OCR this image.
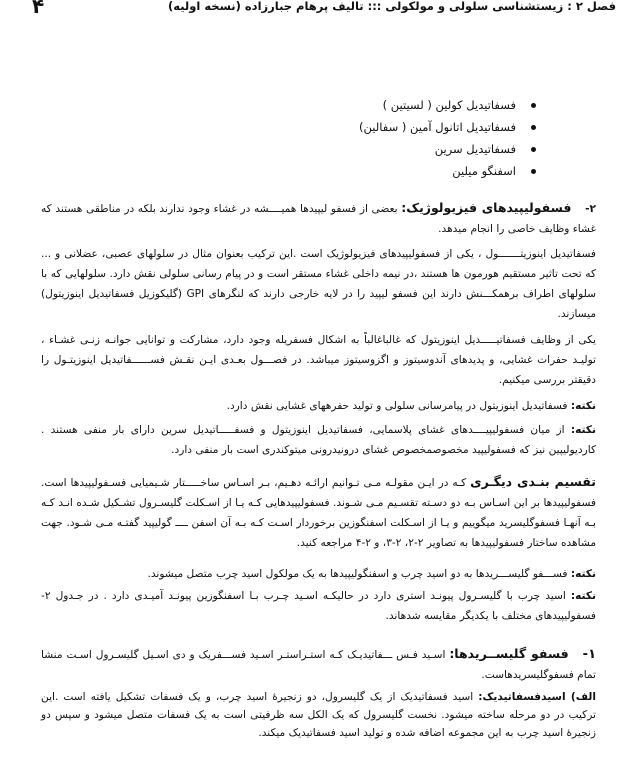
فصل ۲ : زیستشناسی سلولی و مولکولی ::: تالیف پرهام جبارزاده (نسخه اولیه)
۴
فسفاتیدیل کولین ( لسیتین )
فسفاتیدیل اتانول آمین ( سفالین)
فسفاتیدیل سرین
اسفنگو میلین
۲- فسفولیپیدهای فیزیولوژیک: بعضی از فسفو لیپیدها همیــــشه در غشاء وجود ندارند بلکه در مناطقی هستند که غشاء وظایف خاصی را انجام میدهد.
فسفاتیدیل اینوزیتـــــــول ، یکی از فسفولیپیدهای فیزیولوژیک است .این ترکیب بعنوان مثال در سلولهای عصبی، عضلانی و ... که تحت تاثیر مستقیم هورمون ها هستند ،در نیمه داخلی غشاء مستقر است و در پیام رسانی سلولی نقش دارد. سلولهایی که با سلولهای اطراف برهمکـــنش دارند این فسفو لیپید را در لایه خارجی دارند که لنگرهای GPI (گلیکوزیل فسفاتیدیل اینوزیتول) میسازند.
یکی از وظایف فسفاتیـــــدیل اینوزیتول که غالباغالباً به اشکال فسفریله وجود دارد، مشارکت و توانایی جوانـه زنـی غشـاء ، تولیـد حفرات غشایی، و پدیدهای آندوسیتوز و اگزوسیتوز میباشد. در فصـــول بعـدی ایـن نقـش فســــــفاتیدیل اینوزیتـول را دقیقتر بررسی میکنیم.
نکته: فسفاتیدیل اینوزیتول در پیامرسانی سلولی و تولید حفرههای غشایی نقش دارد.
نکته: از میان فسفولیپیــــدهای غشای پلاسمایی، فسفاتیدیل اینوزیتول و فسفـــــاتیدیل سرین دارای بار منفی هستند . کاردیولیپین نیز که فسفولیپید مخصوصمخصوص غشای درونیدرونی میتوکندری است بار منفی دارد.
تقسیم بنـدی دیگـری کـه در ایـن مقولـه مـی تـوانیم ارائـه دهـیم، بـر اسـاس ساخـــــتار شـیمیایی فسـفولیپیدها است. فسفولیپیدها بر این اسـاس بـه دو دسـته تقسـیم مـی شـوند. فسفولیپیدهایی کـه یـا از اسـکلت گلیسـرول تشـکیل شـده انـد کـه بـه آنهـا فسفوگلیسرید میگوییم و یـا از اسـکلت اسفنگوزین برخوردار اسـت کـه بـه آن اسفن ــــ گولیپید گفتـه مـی شـود. جهت مشاهده ساختار فسفولیپیدها به تصاویر ۲-۲، ۲-۳، و ۲-۴ مراجعه کنید.
نکته: فســـفو گلیســـریدها به دو اسید چرب و اسفنگولیپیدها به یک مولکول اسید چرب متصل میشوند.
نکته: اسید چرب با گلیسـرول پیونـد استری دارد در حالیکـه اسـید چـرب بـا اسفنگوزین پیونـد آمیـدی دارد . در جـدول ۲- فسفولیپیدهای مختلف با یکدیگر مقایسه شدهاند.
۱- فسفو گلیســریدها: اسـید فـس ـــفاتیدیـک کـه استـراستـر اسـید فســـفریک و دی اسـیل گلیسـرول اسـت منشا تمام فسفوگلیسریدهاست.
الف) اسیدفسفاتیدیک: اسید فسفاتیدیک از یک گلیسرول، دو زنجیرۀ اسید چرب، و یک فسفات تشکیل یافته است .این ترکیب در دو مرحله ساخته میشود. نخست گلیسرول که یک الکل سه ظرفیتی است به یک فسفات متصل میشود و سپس دو زنجیرۀ اسید چرب به این مجموعه اضافه شده و تولید اسید فسفاتیدیک میکند.
